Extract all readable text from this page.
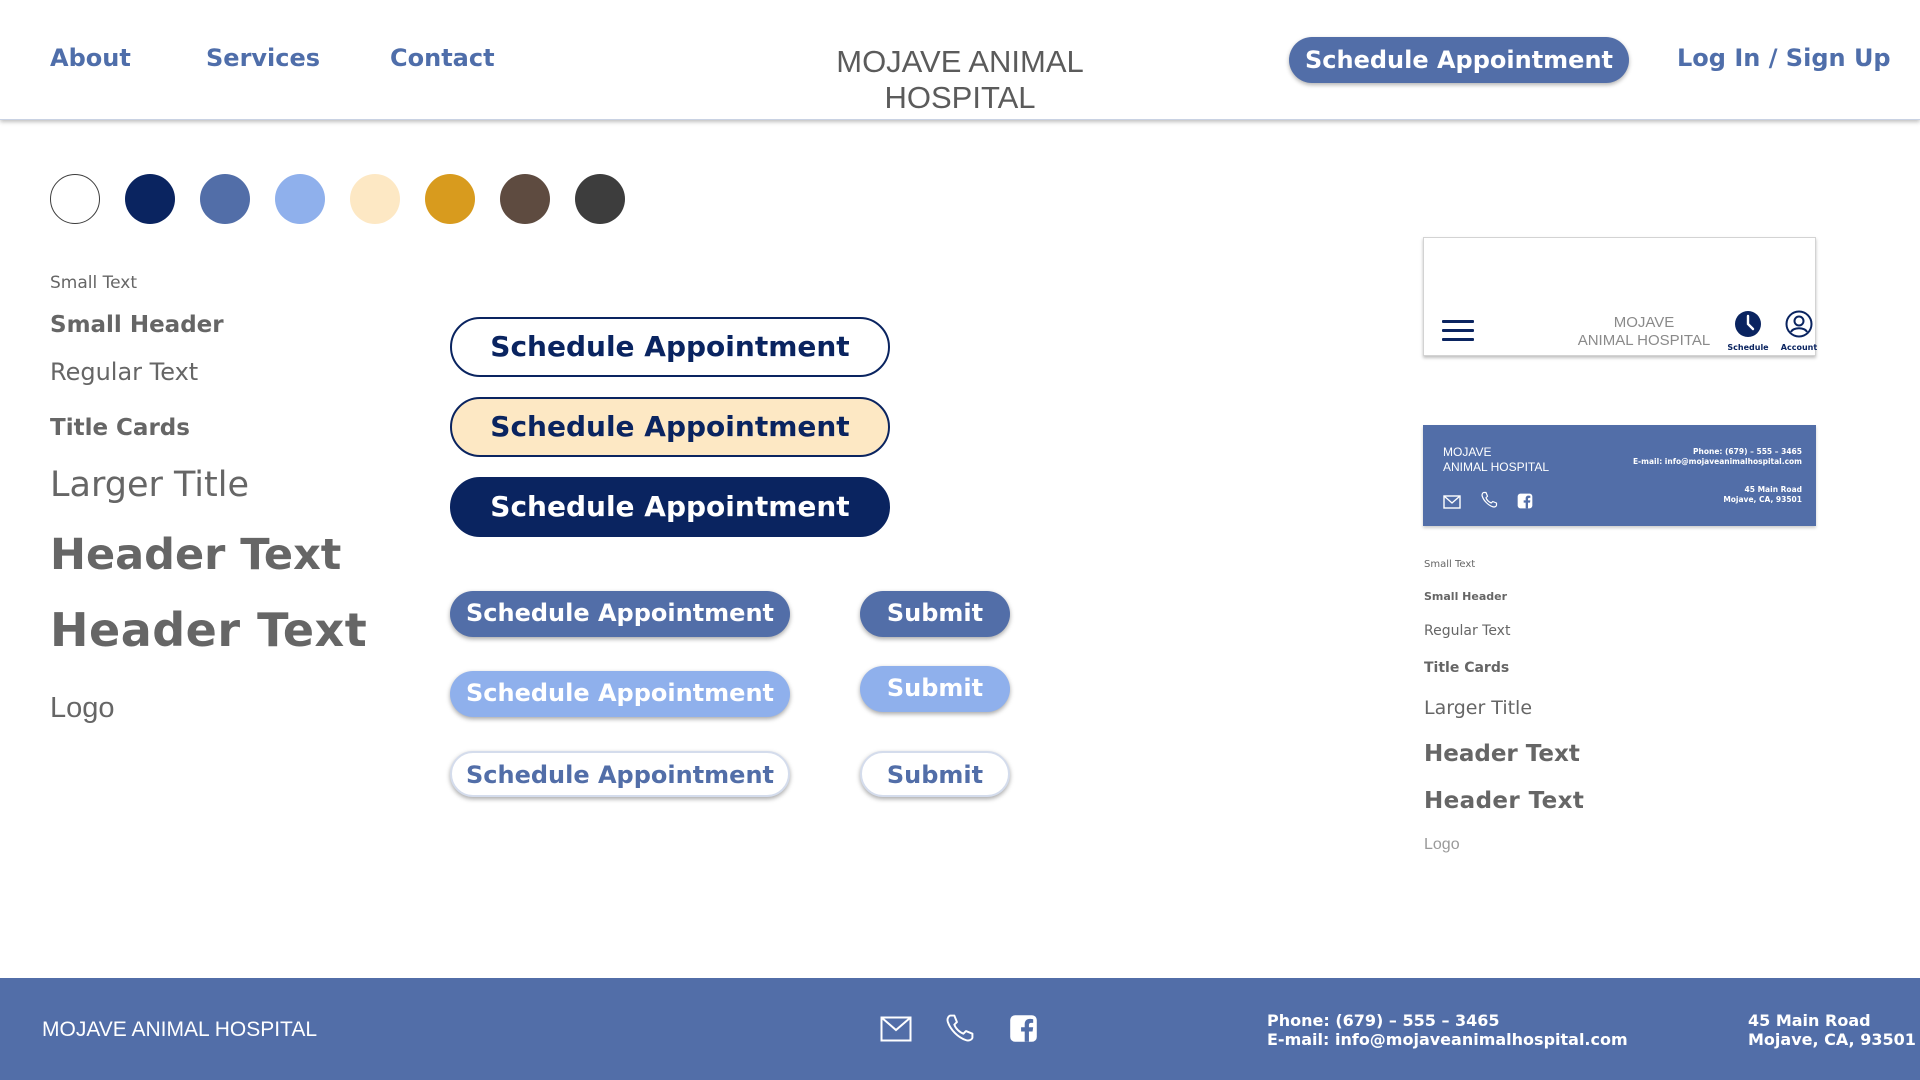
About	Services	Contact	MOJAVE ANIMAL HOSPITAL
Schedule Appointment	Log In / Sign Up
Small Text
Small Header
Regular Text
Title Cards
Larger Title
Header Text
Header Text
Logo
Schedule Appointment
Schedule Appointment
Schedule Appointment
Schedule Appointment	Submit
Schedule Appointment	Submit
Schedule Appointment	Submit
MOJAVE
ANIMAL HOSPITAL	Schedule	Account
MOJAVE
ANIMAL HOSPITAL
Phone: (679) – 555 – 3465
E-mail: info@mojaveanimalhospital.com
45 Main Road
Mojave, CA, 93501

Small Text
Small Header
Regular Text
Title Cards
Larger Title
Header Text
Header Text
Logo
MOJAVE ANIMAL HOSPITAL	Phone: (679) – 555 – 3465
E-mail: info@mojaveanimalhospital.com
45 Main Road
Mojave, CA, 93501
